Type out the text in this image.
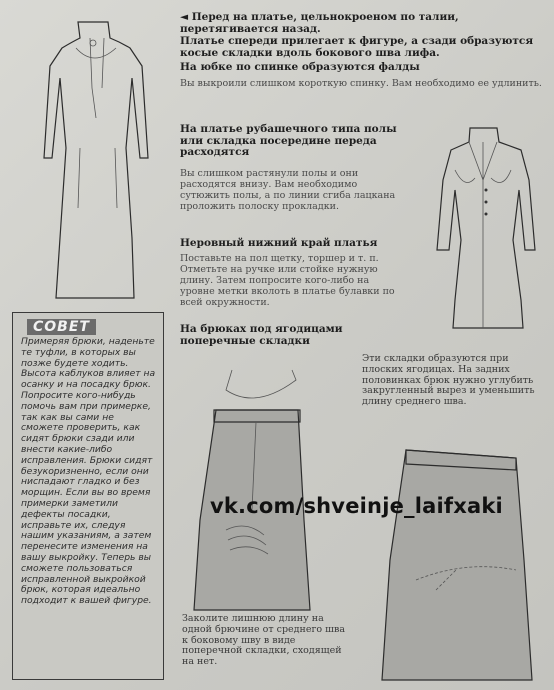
◄ Перед на платье, цельнокроеном по талии, перетягивается назад.
Платье спереди прилегает к фигуре, а сзади образуются косые складки вдоль бокового шва лифа.
На юбке по спинке образуются фалды
Вы выкроили слишком короткую спинку. Вам необходимо ее удлинить.
На платье рубашечного типа полы или складка посередине переда расходятся
Вы слишком растянули полы и они расходятся внизу. Вам необходимо сутюжить полы, а по линии сгиба лацкана проложить полоску прокладки.
Неровный нижний край платья
Поставьте на пол щетку, торшер и т. п. Отметьте на ручке или стойке нужную длину. Затем попросите кого-либо на уровне метки вколоть в платье булавки по всей окружности.
На брюках под ягодицами поперечные складки
СОВЕТ
Примеряя брюки, наденьте те туфли, в которых вы позже будете ходить. Высота каблуков влияет на осанку и на посадку брюк. Попросите кого-нибудь помочь вам при примерке, так как вы сами не сможете проверить, как сидят брюки сзади или внести какие-либо исправления. Брюки сидят безукоризненно, если они ниспадают гладко и без морщин. Если вы во время примерки заметили дефекты посадки, исправьте их, следуя нашим указаниям, а затем перенесите изменения на вашу выкройку. Теперь вы сможете пользоваться исправленной выкройкой брюк, которая идеально подходит к вашей фигуре.
Эти складки образуются при плоских ягодицах. На задних половинках брюк нужно углубить закругленный вырез и уменьшить длину среднего шва.
Заколите лишнюю длину на одной брючине от среднего шва к боковому шву в виде поперечной складки, сходящей на нет.
vk.com/shveinje_laifxaki
